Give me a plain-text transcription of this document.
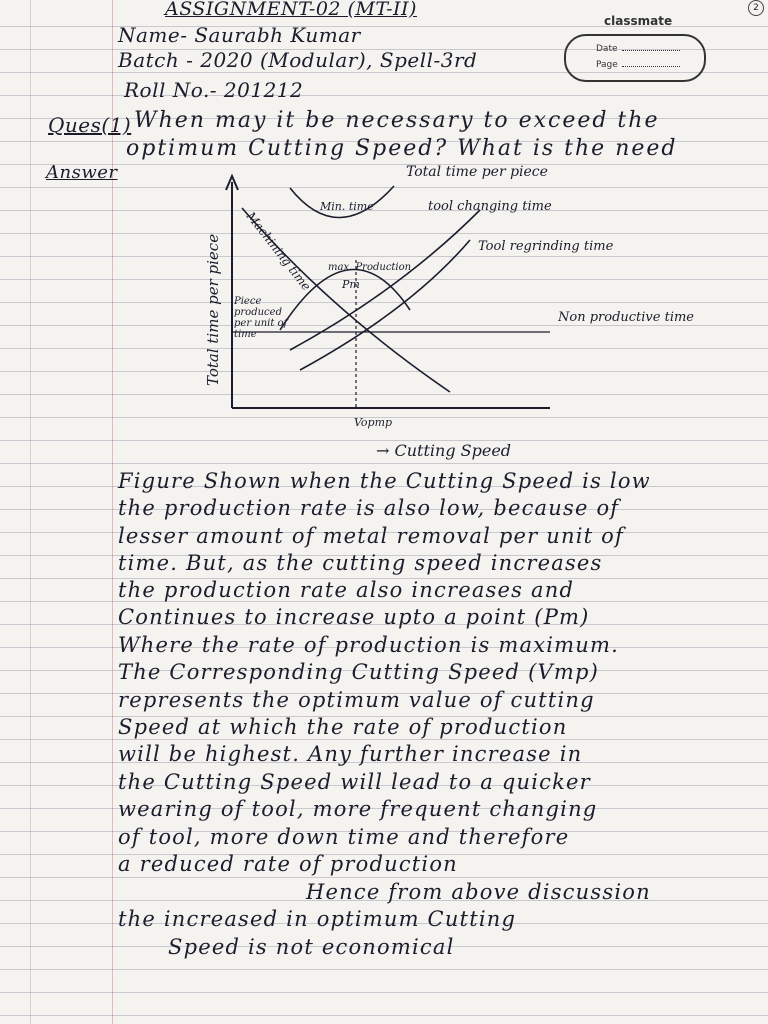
2
classmate
Date
Page
ASSIGNMENT-02 (MT-II)
Name- Saurabh Kumar
Batch - 2020 (Modular), Spell-3rd
Roll No.- 201212
Ques(1) When may it be necessary to exceed the
optimum Cutting Speed? What is the need
Answer	Total time per piece
Min. time	tool changing time
Tool regrinding time
Machining time max. Production
Pm
Piece produced per unit of time
Non productive time
Total time per piece
Vopmp
→ Cutting Speed
Figure Shown when the Cutting Speed is low
the production rate is also low, because of
lesser amount of metal removal per unit of
time. But, as the cutting speed increases
the production rate also increases and
Continues to increase upto a point (Pm)
Where the rate of production is maximum.
The Corresponding Cutting Speed (Vmp)
represents the optimum value of cutting
Speed at which the rate of production
will be highest. Any further increase in
the Cutting Speed will lead to a quicker
wearing of tool, more frequent changing
of tool, more down time and therefore
a reduced rate of production
Hence from above discussion
the increased in optimum Cutting
Speed is not economical
